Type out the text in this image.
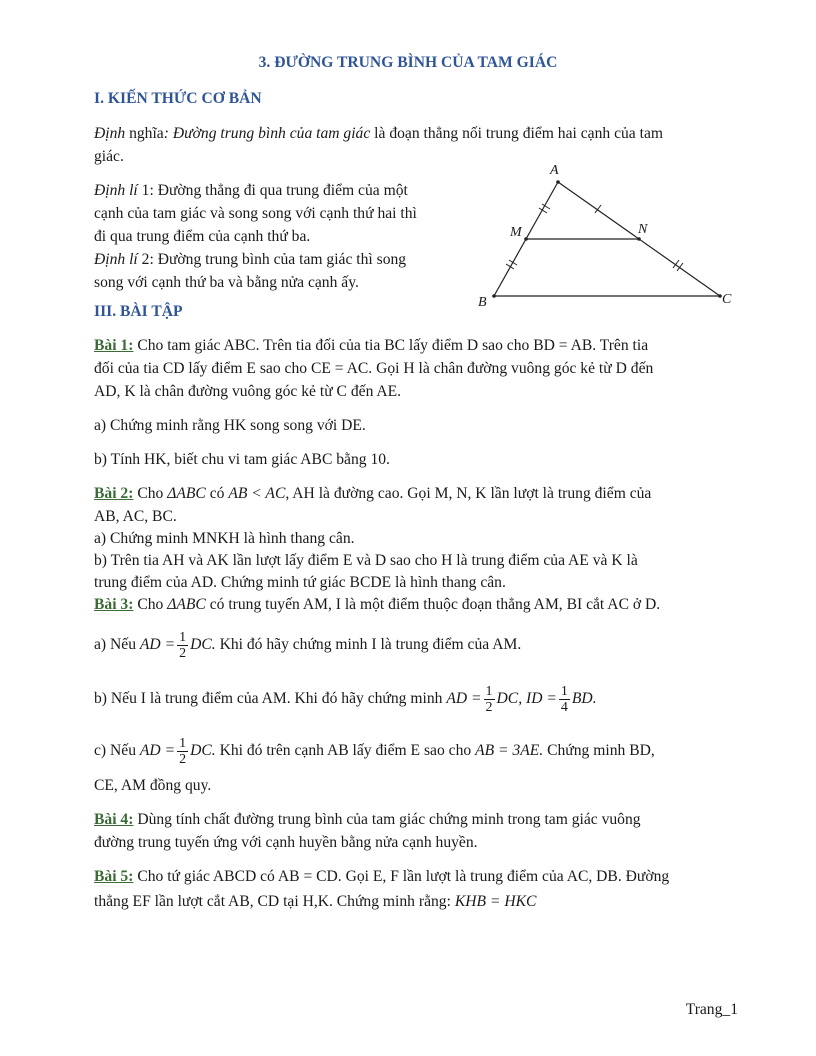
3. ĐƯỜNG TRUNG BÌNH CỦA TAM GIÁC
I. KIẾN THỨC CƠ BẢN
Định nghĩa: Đường trung bình của tam giác là đoạn thẳng nối trung điểm hai cạnh của tam
giác.
Định lí 1: Đường thẳng đi qua trung điểm của một
cạnh của tam giác và song song với cạnh thứ hai thì
đi qua trung điểm của cạnh thứ ba.
Định lí 2: Đường trung bình của tam giác thì song
song với cạnh thứ ba và bằng nửa cạnh ấy.
III. BÀI TẬP
A
B	C
M	N
Bài 1: Cho tam giác ABC. Trên tia đối của tia BC lấy điểm D sao cho BD = AB. Trên tia
đối của tia CD lấy điểm E sao cho CE = AC. Gọi H là chân đường vuông góc kẻ từ D đến
AD, K là chân đường vuông góc kẻ từ C đến AE.
a) Chứng minh rằng HK song song với DE.
b) Tính HK, biết chu vi tam giác ABC bằng 10.
Bài 2: Cho ΔABC có AB < AC, AH là đường cao. Gọi M, N, K lần lượt là trung điểm của
AB, AC, BC.
a) Chứng minh MNKH là hình thang cân.
b) Trên tia AH và AK lần lượt lấy điểm E và D sao cho H là trung điểm của AE và K là
trung điểm của AD. Chứng minh tứ giác BCDE là hình thang cân.
Bài 3: Cho ΔABC có trung tuyến AM, I là một điểm thuộc đoạn thẳng AM, BI cắt AC ở D.
a) Nếu AD = $\frac{1}{2}$ DC. Khi đó hãy chứng minh I là trung điểm của AM.
b) Nếu I là trung điểm của AM. Khi đó hãy chứng minh AD = $\frac{1}{2}$ DC, ID = $\frac{1}{4}$ BD.
c) Nếu AD = $\frac{1}{2}$ DC. Khi đó trên cạnh AB lấy điểm E sao cho AB = 3AE. Chứng minh BD,
CE, AM đồng quy.
Bài 4: Dùng tính chất đường trung bình của tam giác chứng minh trong tam giác vuông
đường trung tuyến ứng với cạnh huyền bằng nửa cạnh huyền.
Bài 5: Cho tứ giác ABCD có AB = CD. Gọi E, F lần lượt là trung điểm của AC, DB. Đường
thẳng EF lần lượt cắt AB, CD tại H,K. Chứng minh rằng: KHB = HKC
Trang_1
